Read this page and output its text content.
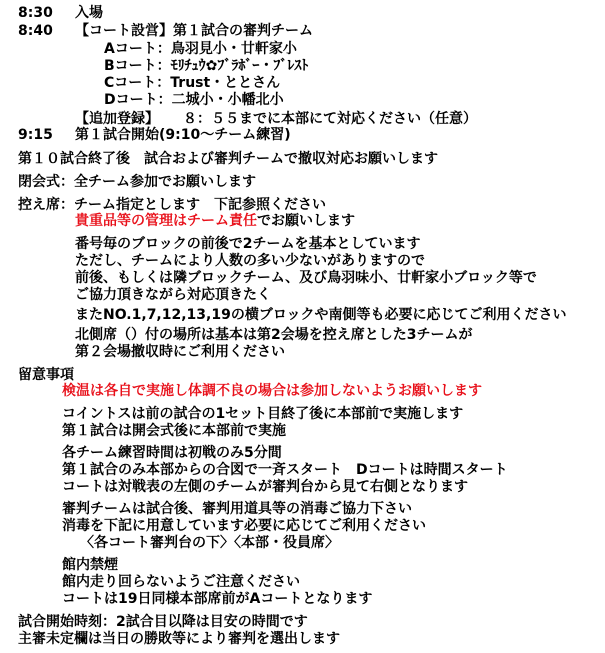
8:30 入場
8:40 【コート設営】第１試合の審判チーム
Aコート：鳥羽見小・廿軒家小
Bコート：ﾓﾘﾁｭｳ✿ﾌﾞﾗﾎﾞｰ・ﾌﾞﾚｽﾄ
Cコート：Trust・ととさん
Dコート：二城小・小幡北小
【追加登録】 ８：５５までに本部にて対応ください（任意）
9:15 第１試合開始(9:10～チーム練習)
第１０試合終了後　試合および審判チームで撤収対応お願いします
閉会式：全チーム参加でお願いします
控え席：チーム指定とします　下記参照ください
貴重品等の管理はチーム責任でお願いします
番号毎のブロックの前後で2チームを基本としています
ただし、チームにより人数の多い少ないがありますので
前後、もしくは隣ブロックチーム、及び鳥羽味小、廿軒家小ブロック等で
ご協力頂きながら対応頂きたく
またNO.1,7,12,13,19の横ブロックや南側等も必要に応じてご利用ください
北側席（）付の場所は基本は第2会場を控え席とした3チームが
第２会場撤収時にご利用ください
留意事項
検温は各自で実施し体調不良の場合は参加しないようお願いします
コイントスは前の試合の1セット目終了後に本部前で実施します
第１試合は開会式後に本部前で実施
各チーム練習時間は初戦のみ5分間
第１試合のみ本部からの合図で一斉スタート　Dコートは時間スタート
コートは対戦表の左側のチームが審判台から見て右側となります
審判チームは試合後、審判用道具等の消毒ご協力下さい
消毒を下記に用意しています必要に応じてご利用ください
〈各コート審判台の下〉〈本部・役員席〉
館内禁煙
館内走り回らないようご注意ください
コートは19日同様本部席前がAコートとなります
試合開始時刻：2試合目以降は目安の時間です
主審未定欄は当日の勝敗等により審判を選出します
